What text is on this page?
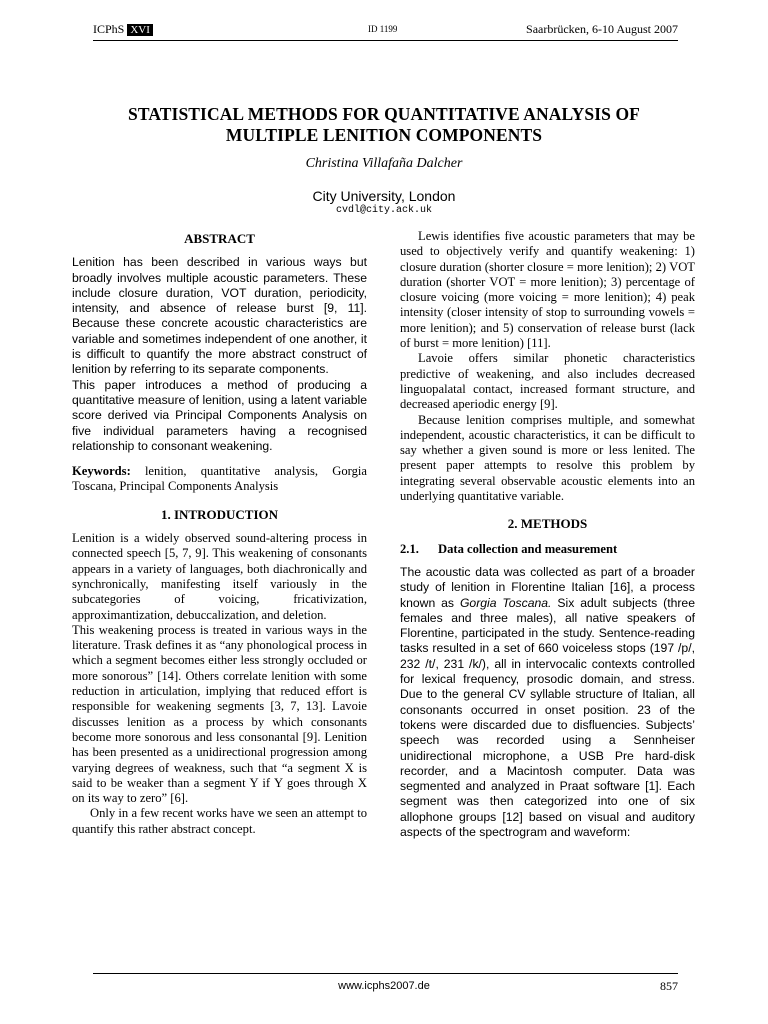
ICPhS XVI	ID 1199	Saarbrücken, 6-10 August 2007
STATISTICAL METHODS FOR QUANTITATIVE ANALYSIS OF
MULTIPLE LENITION COMPONENTS
Christina Villafaña Dalcher
City University, London
cvdl@city.ack.uk
ABSTRACT

Lenition has been described in various ways but broadly involves multiple acoustic parameters. These include closure duration, VOT duration, periodicity, intensity, and absence of release burst [9, 11]. Because these concrete acoustic characteristics are variable and sometimes independent of one another, it is difficult to quantify the more abstract construct of lenition by referring to its separate components.

This paper introduces a method of producing a quantitative measure of lenition, using a latent variable score derived via Principal Components Analysis on five individual parameters having a recognised relationship to consonant weakening.

Keywords: lenition, quantitative analysis, Gorgia Toscana, Principal Components Analysis

1. INTRODUCTION

Lenition is a widely observed sound-altering process in connected speech [5, 7, 9]. This weakening of consonants appears in a variety of languages, both diachronically and synchronically, manifesting itself variously in the subcategories of voicing, fricativization, approximantization, debuccalization, and deletion.

This weakening process is treated in various ways in the literature. Trask defines it as “any phonological process in which a segment becomes either less strongly occluded or more sonorous” [14]. Others correlate lenition with some reduction in articulation, implying that reduced effort is responsible for weakening segments [3, 7, 13]. Lavoie discusses lenition as a process by which consonants become more sonorous and less consonantal [9]. Lenition has been presented as a unidirectional progression among varying degrees of weakness, such that “a segment X is said to be weaker than a segment Y if Y goes through X on its way to zero” [6].

Only in a few recent works have we seen an attempt to quantify this rather abstract concept.

Lewis identifies five acoustic parameters that may be used to objectively verify and quantify weakening: 1) closure duration (shorter closure = more lenition); 2) VOT duration (shorter VOT = more lenition); 3) percentage of closure voicing (more voicing = more lenition); 4) peak intensity (closer intensity of stop to surrounding vowels = more lenition); and 5) conservation of release burst (lack of burst = more lenition) [11].

Lavoie offers similar phonetic characteristics predictive of weakening, and also includes decreased linguopalatal contact, increased formant structure, and decreased aperiodic energy [9].

Because lenition comprises multiple, and somewhat independent, acoustic characteristics, it can be difficult to say whether a given sound is more or less lenited. The present paper attempts to resolve this problem by integrating several observable acoustic elements into an underlying quantitative variable.

2. METHODS
2.1. Data collection and measurement

The acoustic data was collected as part of a broader study of lenition in Florentine Italian [16], a process known as Gorgia Toscana. Six adult subjects (three females and three males), all native speakers of Florentine, participated in the study. Sentence-reading tasks resulted in a set of 660 voiceless stops (197 /p/, 232 /t/, 231 /k/), all in intervocalic contexts controlled for lexical frequency, prosodic domain, and stress. Due to the general CV syllable structure of Italian, all consonants occurred in onset position. 23 of the tokens were discarded due to disfluencies. Subjects’ speech was recorded using a Sennheiser unidirectional microphone, a USB Pre hard-disk recorder, and a Macintosh computer. Data was segmented and analyzed in Praat software [1]. Each segment was then categorized into one of six allophone groups [12] based on visual and auditory aspects of the spectrogram and waveform:

www.icphs2007.de	857
